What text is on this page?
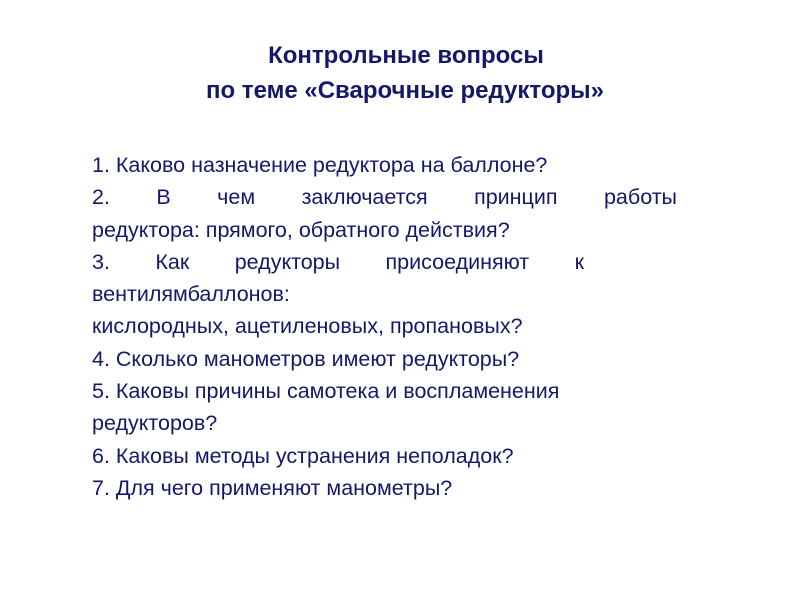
Контрольные вопросы
по теме «Сварочные редукторы»
1. Каково назначение редуктора на баллоне?
2. В чем заключается принцип работы
редуктора: прямого, обратного действия?
3. Как редукторы присоединяют к
вентилямбаллонов:
кислородных, ацетиленовых, пропановых?
4. Сколько манометров имеют редукторы?
5. Каковы причины самотека и воспламенения
редукторов?
6. Каковы методы устранения неполадок?
7. Для чего применяют манометры?
